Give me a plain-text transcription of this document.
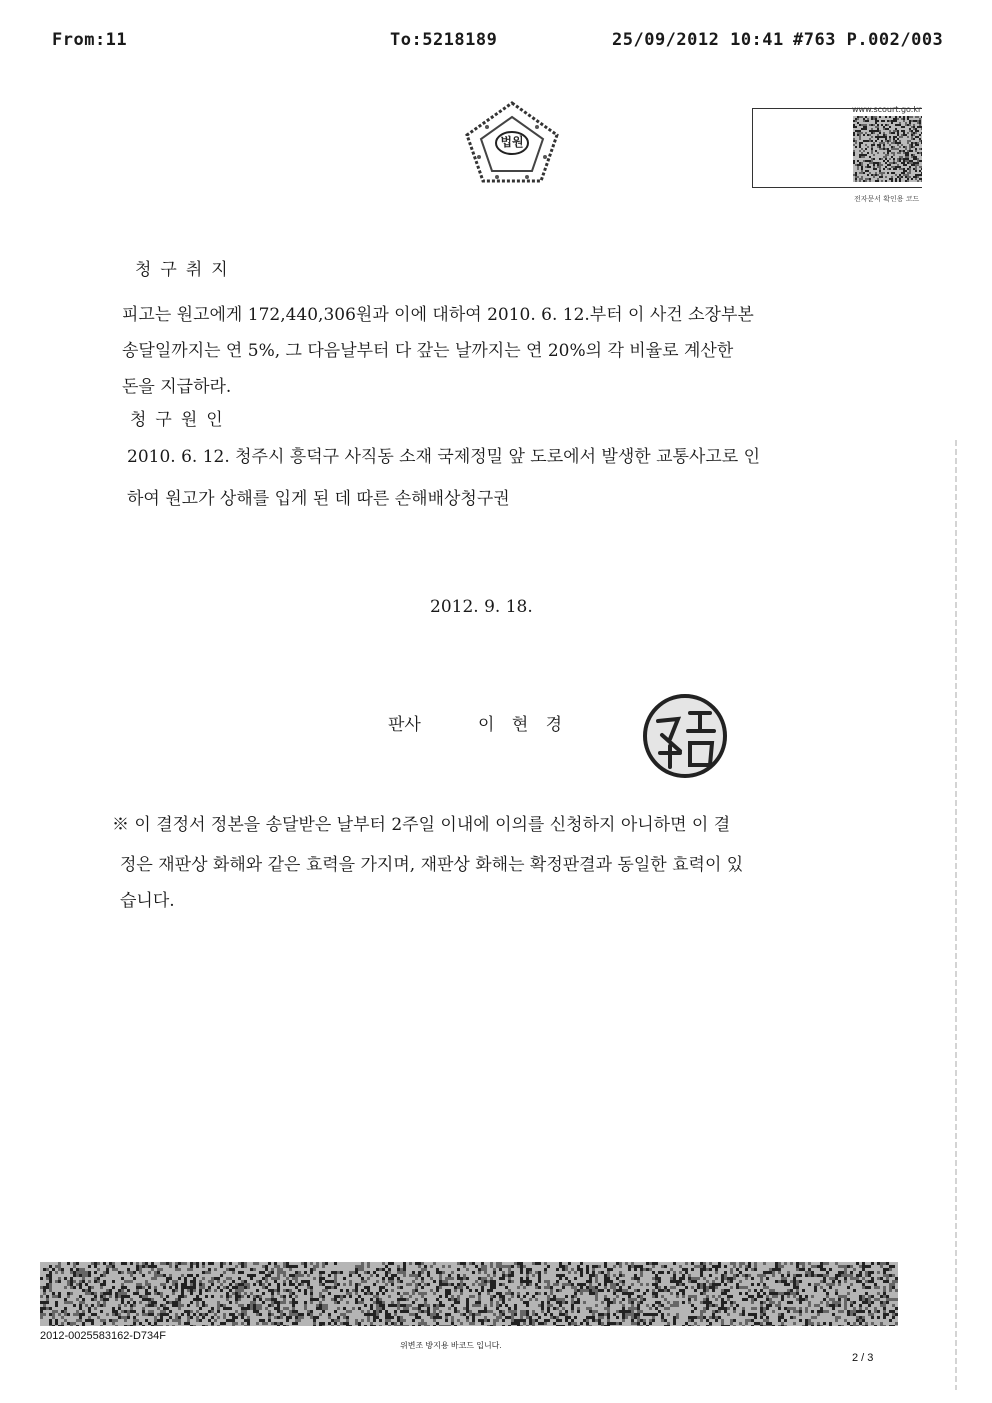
From:11	To:5218189	25/09/2012 10:41 #763 P.002/003
법원
www.scourt.go.kr
전자문서 확인용 코드
청구취지
피고는 원고에게 172,440,306원과 이에 대하여 2010. 6. 12.부터 이 사건 소장부본
송달일까지는 연 5%, 그 다음날부터 다 갚는 날까지는 연 20%의 각 비율로 계산한
돈을 지급하라.
청구원인
2010. 6. 12. 청주시 흥덕구 사직동 소재 국제정밀 앞 도로에서 발생한 교통사고로 인
하여 원고가 상해를 입게 된 데 따른 손해배상청구권
2012. 9. 18.
판사	이 현 경
※ 이 결정서 정본을 송달받은 날부터 2주일 이내에 이의를 신청하지 아니하면 이 결
정은 재판상 화해와 같은 효력을 가지며, 재판상 화해는 확정판결과 동일한 효력이 있
습니다.
2012-0025583162-D734F
위변조 방지용 바코드 입니다.
2 / 3
